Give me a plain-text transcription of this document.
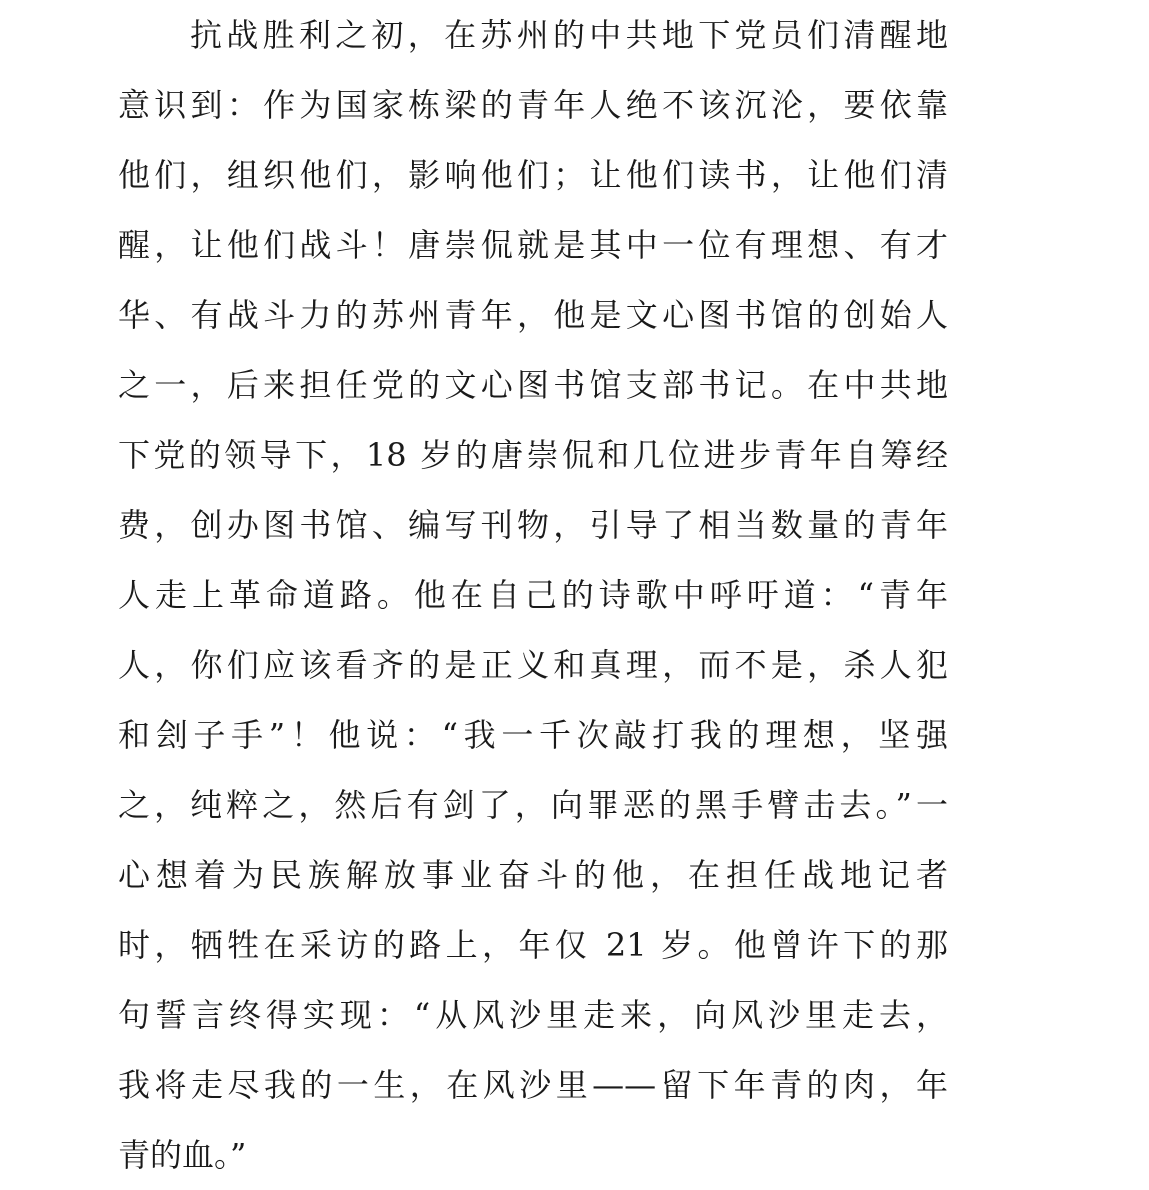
抗战胜利之初，在苏州的中共地下党员们清醒地
意识到：作为国家栋梁的青年人绝不该沉沦，要依靠
他们，组织他们，影响他们；让他们读书，让他们清
醒，让他们战斗！唐崇侃就是其中一位有理想、有才
华、有战斗力的苏州青年，他是文心图书馆的创始人
之一，后来担任党的文心图书馆支部书记。在中共地
下党的领导下，18 岁的唐崇侃和几位进步青年自筹经
费，创办图书馆、编写刊物，引导了相当数量的青年
人走上革命道路。他在自己的诗歌中呼吁道：“青年
人，你们应该看齐的是正义和真理，而不是，杀人犯
和刽子手”！他说：“我一千次敲打我的理想，坚强
之，纯粹之，然后有剑了，向罪恶的黑手臂击去。”一
心想着为民族解放事业奋斗的他，在担任战地记者
时，牺牲在采访的路上，年仅 21 岁。他曾许下的那
句誓言终得实现：“从风沙里走来，向风沙里走去，
我将走尽我的一生，在风沙里——留下年青的肉，年
青的血。”
